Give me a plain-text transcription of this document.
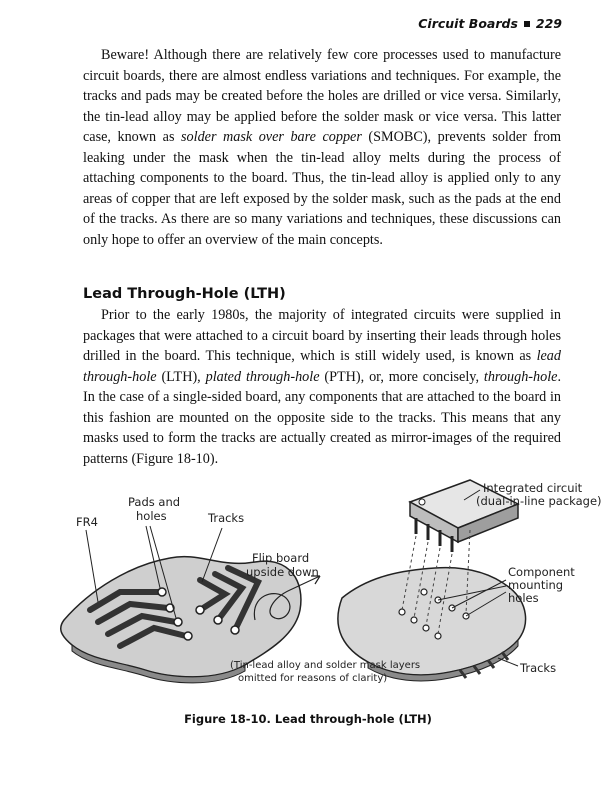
Circuit Boards 229

Beware! Although there are relatively few core processes used to manufacture circuit boards, there are almost endless variations and techniques. For example, the tracks and pads may be created before the holes are drilled or vice versa. Similarly, the tin-lead alloy may be applied before the solder mask or vice versa. This latter case, known as solder mask over bare copper (SMOBC), prevents solder from leaking under the mask when the tin-lead alloy melts during the process of attaching components to the board. Thus, the tin-lead alloy is applied only to any areas of copper that are left exposed by the solder mask, such as the pads at the end of the tracks. As there are so many variations and techniques, these discussions can only hope to offer an overview of the main concepts.

Lead Through-Hole (LTH)

Prior to the early 1980s, the majority of integrated circuits were supplied in packages that were attached to a circuit board by inserting their leads through holes drilled in the board. This technique, which is still widely used, is known as lead through-hole (LTH), plated through-hole (PTH), or, more concisely, through-hole. In the case of a single-sided board, any components that are attached to the board in this fashion are mounted on the opposite side to the tracks. This means that any masks used to form the tracks are actually created as mirror-images of the required patterns (Figure 18-10).

FR4
Pads and
holes	Tracks
Flip board
upside down
Integrated circuit
(dual-in-line package)
Component
mounting
holes
Tracks
(Tin-lead alloy and solder mask layers
omitted for reasons of clarity)
Figure 18-10. Lead through-hole (LTH)
